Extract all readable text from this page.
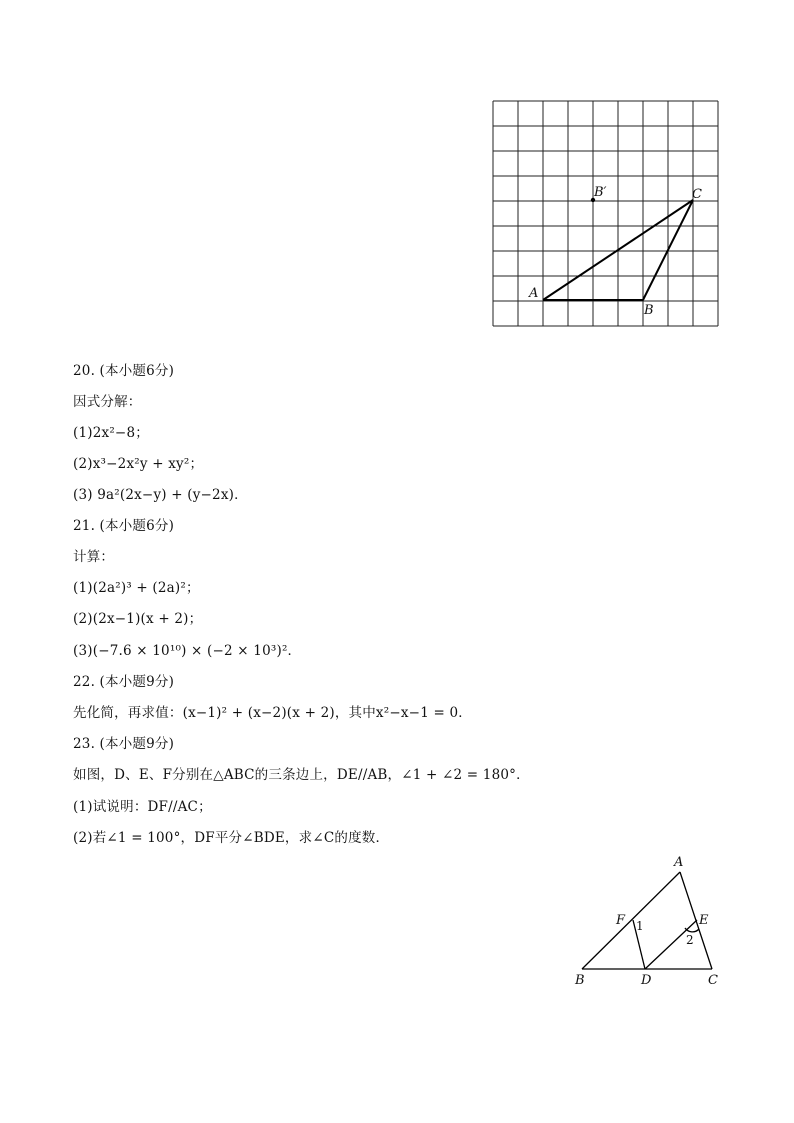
A
B
C
B′
20. (本小题6分)
因式分解：
(1)2x²−8；
(2)x³−2x²y + xy²；
(3) 9a²(2x−y) + (y−2x)．
21. (本小题6分)
计算：
(1)(2a²)³ + (2a)²；
(2)(2x−1)(x + 2)；
(3)(−7.6 × 10¹⁰) × (−2 × 10³)²．
22. (本小题9分)
先化简，再求值：(x−1)² + (x−2)(x + 2)，其中x²−x−1 = 0．
23. (本小题9分)
如图，D、E、F分别在△ABC的三条边上，DE//AB，∠1 + ∠2 = 180°．
(1)试说明：DF//AC；
(2)若∠1 = 100°，DF平分∠BDE，求∠C的度数．
A
B	C
D
E
F 1
2
